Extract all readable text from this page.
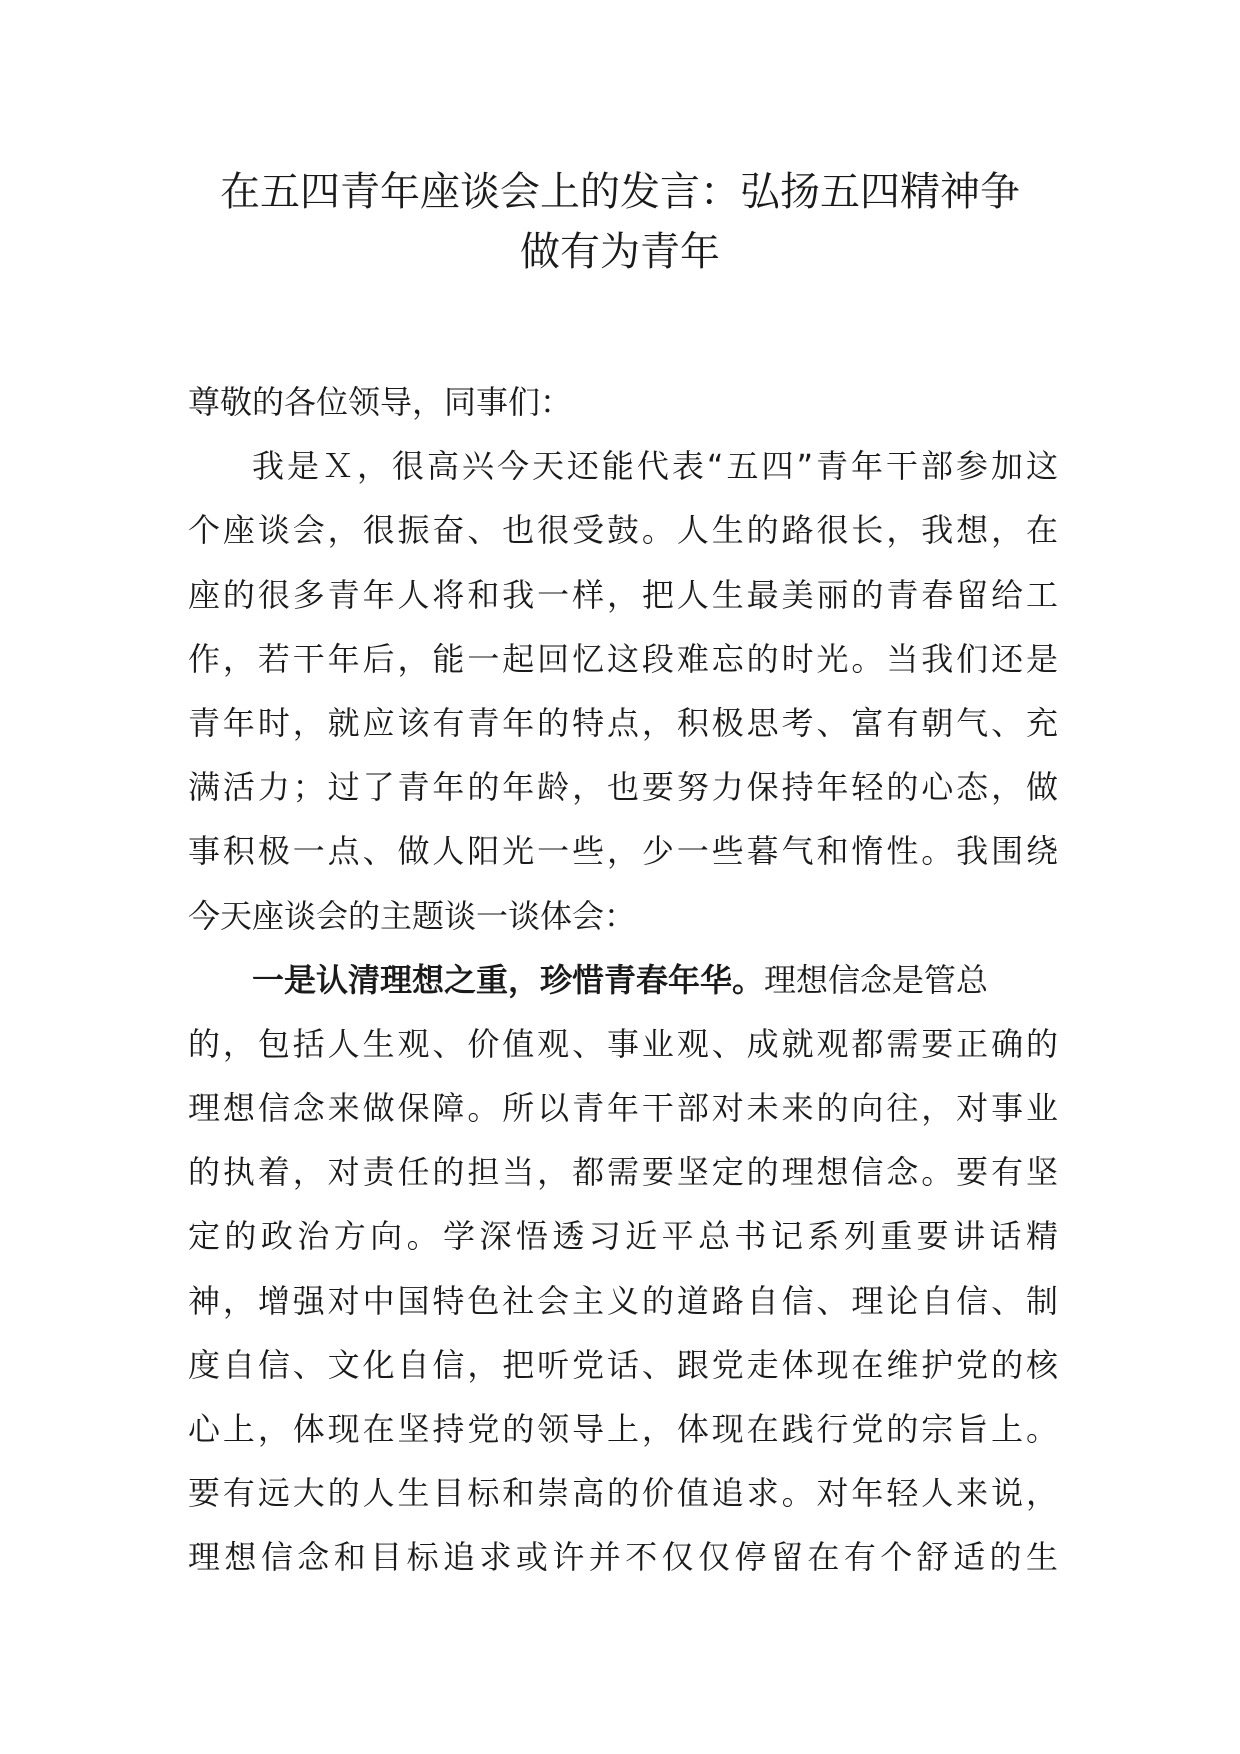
在五四青年座谈会上的发言：弘扬五四精神争
做有为青年
尊敬的各位领导，同事们：
我是Ｘ，很高兴今天还能代表“五四”青年干部参加这
个座谈会，很振奋、也很受鼓。人生的路很长，我想，在
座的很多青年人将和我一样，把人生最美丽的青春留给工
作，若干年后，能一起回忆这段难忘的时光。当我们还是
青年时，就应该有青年的特点，积极思考、富有朝气、充
满活力；过了青年的年龄，也要努力保持年轻的心态，做
事积极一点、做人阳光一些，少一些暮气和惰性。我围绕
今天座谈会的主题谈一谈体会：
一是认清理想之重，珍惜青春年华。理想信念是管总
的，包括人生观、价值观、事业观、成就观都需要正确的
理想信念来做保障。所以青年干部对未来的向往，对事业
的执着，对责任的担当，都需要坚定的理想信念。要有坚
定的政治方向。学深悟透习近平总书记系列重要讲话精
神，增强对中国特色社会主义的道路自信、理论自信、制
度自信、文化自信，把听党话、跟党走体现在维护党的核
心上，体现在坚持党的领导上，体现在践行党的宗旨上。
要有远大的人生目标和崇高的价值追求。对年轻人来说，
理想信念和目标追求或许并不仅仅停留在有个舒适的生
